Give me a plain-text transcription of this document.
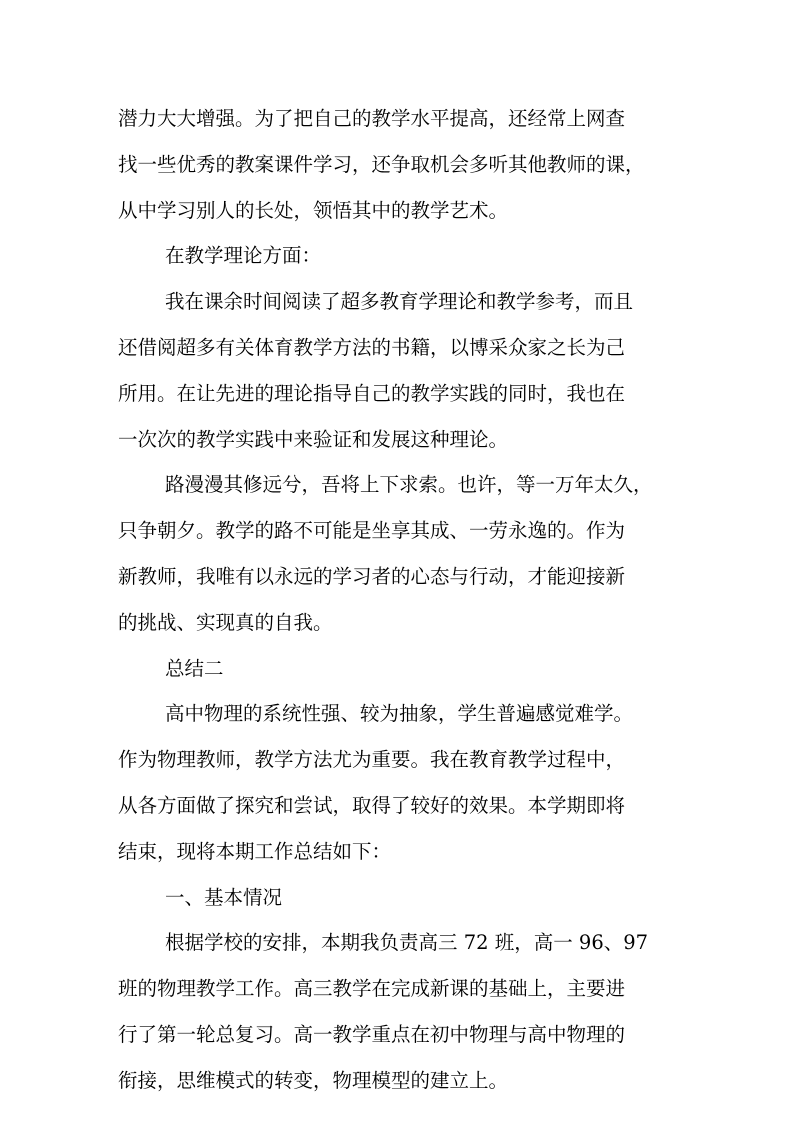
潜力大大增强。为了把自己的教学水平提高，还经常上网查
找一些优秀的教案课件学习，还争取机会多听其他教师的课，
从中学习别人的长处，领悟其中的教学艺术。
在教学理论方面：
我在课余时间阅读了超多教育学理论和教学参考，而且
还借阅超多有关体育教学方法的书籍，以博采众家之长为己
所用。在让先进的理论指导自己的教学实践的同时，我也在
一次次的教学实践中来验证和发展这种理论。
路漫漫其修远兮，吾将上下求索。也许，等一万年太久，
只争朝夕。教学的路不可能是坐享其成、一劳永逸的。作为
新教师，我唯有以永远的学习者的心态与行动，才能迎接新
的挑战、实现真的自我。
总结二
高中物理的系统性强、较为抽象，学生普遍感觉难学。
作为物理教师，教学方法尤为重要。我在教育教学过程中，
从各方面做了探究和尝试，取得了较好的效果。本学期即将
结束，现将本期工作总结如下：
一、基本情况
根据学校的安排，本期我负责高三 72 班，高一 96、97
班的物理教学工作。高三教学在完成新课的基础上，主要进
行了第一轮总复习。高一教学重点在初中物理与高中物理的
衔接，思维模式的转变，物理模型的建立上。
